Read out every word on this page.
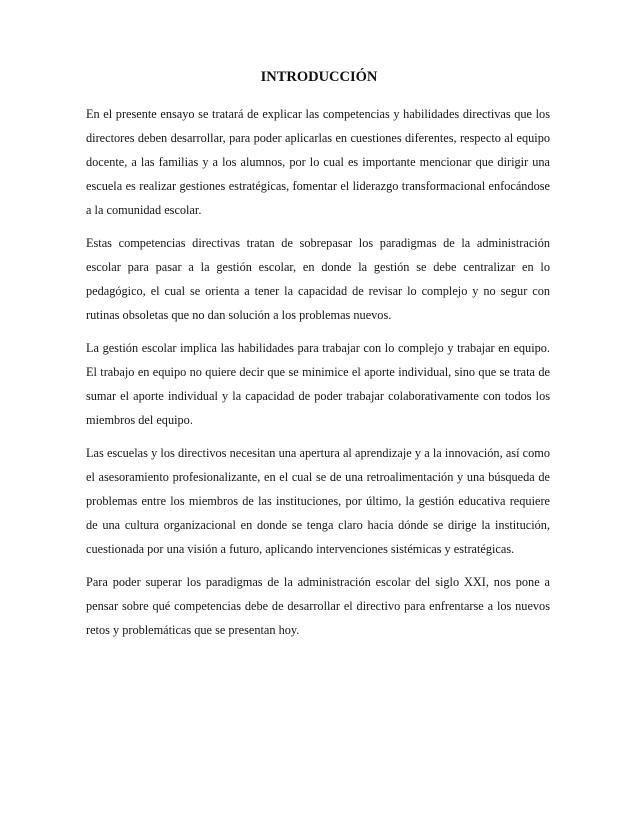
INTRODUCCIÓN

En el presente ensayo se tratará de explicar las competencias y habilidades directivas que los directores deben desarrollar, para poder aplicarlas en cuestiones diferentes, respecto al equipo docente, a las familias y a los alumnos, por lo cual es importante mencionar que dirigir una escuela es realizar gestiones estratégicas, fomentar el liderazgo transformacional enfocándose a la comunidad escolar.

Estas competencias directivas tratan de sobrepasar los paradigmas de la administración escolar para pasar a la gestión escolar, en donde la gestión se debe centralizar en lo pedagógico, el cual se orienta a tener la capacidad de revisar lo complejo y no segur con rutinas obsoletas que no dan solución a los problemas nuevos.

La gestión escolar implica las habilidades para trabajar con lo complejo y trabajar en equipo. El trabajo en equipo no quiere decir que se minimice el aporte individual, sino que se trata de sumar el aporte individual y la capacidad de poder trabajar colaborativamente con todos los miembros del equipo.

Las escuelas y los directivos necesitan una apertura al aprendizaje y a la innovación, así como el asesoramiento profesionalizante, en el cual se de una retroalimentación y una búsqueda de problemas entre los miembros de las instituciones, por último, la gestión educativa requiere de una cultura organizacional en donde se tenga claro hacia dónde se dirige la institución, cuestionada por una visión a futuro, aplicando intervenciones sistémicas y estratégicas.

Para poder superar los paradigmas de la administración escolar del siglo XXI, nos pone a pensar sobre qué competencias debe de desarrollar el directivo para enfrentarse a los nuevos retos y problemáticas que se presentan hoy.
